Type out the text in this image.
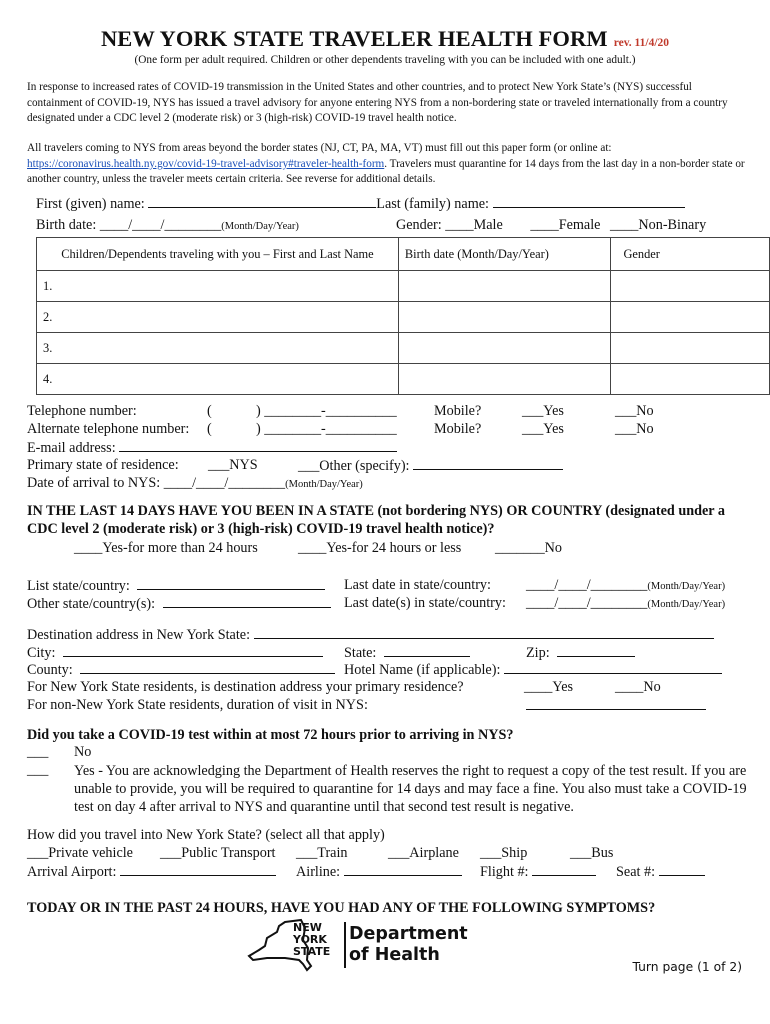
NEW YORK STATE TRAVELER HEALTH FORM rev. 11/4/20
(One form per adult required. Children or other dependents traveling with you can be included with one adult.)
In response to increased rates of COVID-19 transmission in the United States and other countries, and to protect New York State’s (NYS) successful containment of COVID-19, NYS has issued a travel advisory for anyone entering NYS from a non-bordering state or traveled internationally from a country designated under a CDC level 2 (moderate risk) or 3 (high-risk) COVID-19 travel health notice.
All travelers coming to NYS from areas beyond the border states (NJ, CT, PA, MA, VT) must fill out this paper form (or online at: https://coronavirus.health.ny.gov/covid-19-travel-advisory#traveler-health-form. Travelers must quarantine for 14 days from the last day in a non-border state or another country, unless the traveler meets certain criteria. See reverse for additional details.
First (given) name:	Last (family) name:
Birth date: ____/____/________(Month/Day/Year)	Gender: ____Male ____Female ____Non-Binary
Children/Dependents traveling with you – First and Last Name	Birth date (Month/Day/Year)	Gender
1.		
2.		
3.		
4.		
Telephone number:	(	) ________-__________	Mobile?	___Yes	___No
Alternate telephone number: (	) ________-__________	Mobile?	___Yes	___No
E-mail address:
Primary state of residence: ___NYS	___Other (specify):
Date of arrival to NYS: ____/____/________(Month/Day/Year)
IN THE LAST 14 DAYS HAVE YOU BEEN IN A STATE (not bordering NYS) OR COUNTRY (designated under a CDC level 2 (moderate risk) or 3 (high-risk) COVID-19 travel health notice)?
____Yes-for more than 24 hours	____Yes-for 24 hours or less _______No
List state/country:	Last date in state/country: ____/____/________(Month/Day/Year)
Other state/country(s):	Last date(s) in state/country: ____/____/________(Month/Day/Year)
Destination address in New York State:
City:	State:	Zip:
County:	Hotel Name (if applicable):
For New York State residents, is destination address your primary residence?	____Yes	____No
For non-New York State residents, duration of visit in NYS:
Did you take a COVID-19 test within at most 72 hours prior to arriving in NYS?
___ No
___ Yes - You are acknowledging the Department of Health reserves the right to request a copy of the test result. If you are unable to provide, you will be required to quarantine for 14 days and may face a fine. You also must take a COVID-19 test on day 4 after arrival to NYS and quarantine until that second test result is negative.
How did you travel into New York State? (select all that apply)
___Private vehicle ___Public Transport ___Train	___Airplane ___Ship	___Bus
Arrival Airport:	Airline:	Flight #:	Seat #:
TODAY OR IN THE PAST 24 HOURS, HAVE YOU HAD ANY OF THE FOLLOWING SYMPTOMS?
NEW
YORK
STATE
Department
of Health
Turn page (1 of 2)
